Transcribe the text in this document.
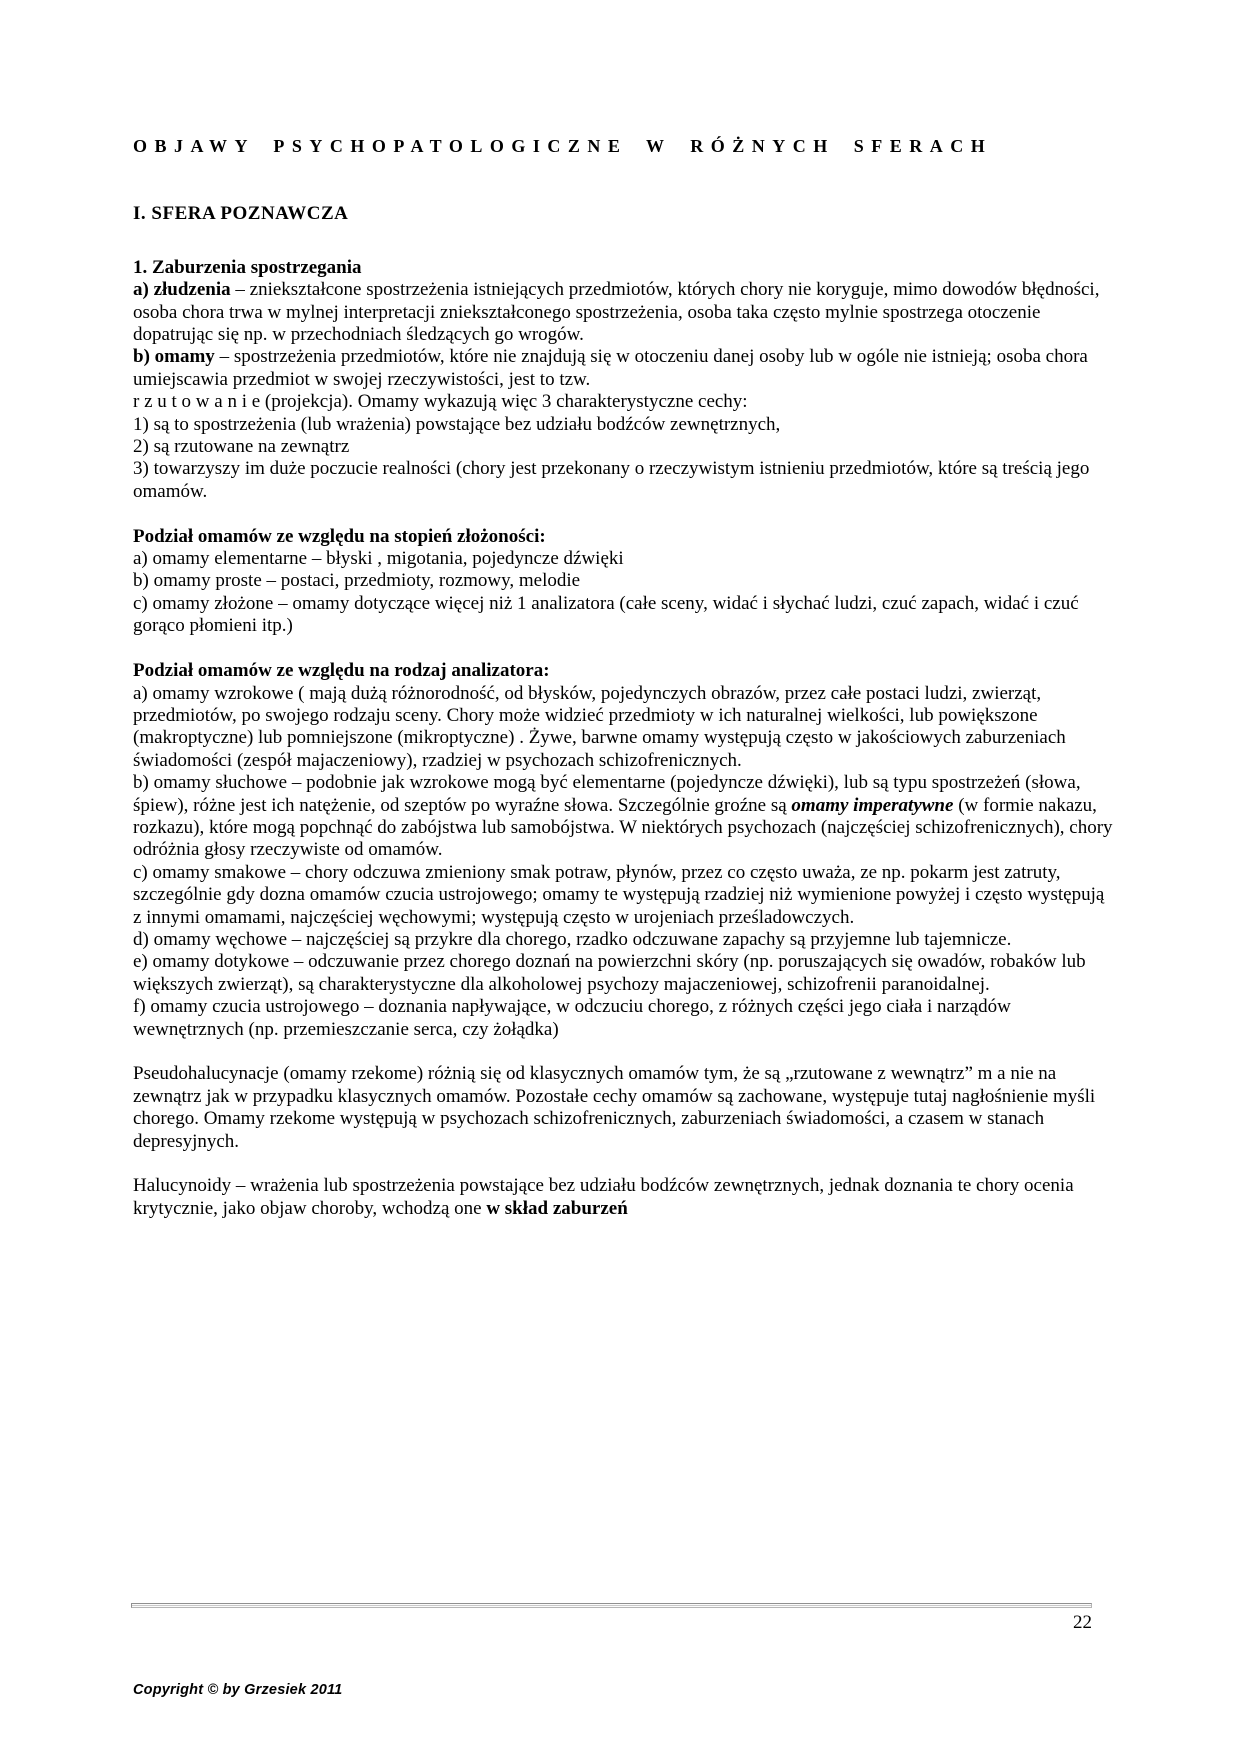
OBJAWY PSYCHOPATOLOGICZNE W RÓŻNYCH SFERACH
I. SFERA POZNAWCZA

1. Zaburzenia spostrzegania

a) złudzenia – zniekształcone spostrzeżenia istniejących przedmiotów, których chory nie koryguje, mimo dowodów błędności, osoba chora trwa w mylnej interpretacji zniekształconego spostrzeżenia, osoba taka często mylnie spostrzega otoczenie dopatrując się np. w przechodniach śledzących go wrogów.

b) omamy – spostrzeżenia przedmiotów, które nie znajdują się w otoczeniu danej osoby lub w ogóle nie istnieją; osoba chora umiejscawia przedmiot w swojej rzeczywistości, jest to tzw.

r z u t o w a n i e (projekcja). Omamy wykazują więc 3 charakterystyczne cechy:

1) są to spostrzeżenia (lub wrażenia) powstające bez udziału bodźców zewnętrznych,

2) są rzutowane na zewnątrz

3) towarzyszy im duże poczucie realności (chory jest przekonany o rzeczywistym istnieniu przedmiotów, które są treścią jego omamów.

Podział omamów ze względu na stopień złożoności:

a) omamy elementarne – błyski , migotania, pojedyncze dźwięki

b) omamy proste – postaci, przedmioty, rozmowy, melodie

c) omamy złożone – omamy dotyczące więcej niż 1 analizatora (całe sceny, widać i słychać ludzi, czuć zapach, widać i czuć gorąco płomieni itp.)

Podział omamów ze względu na rodzaj analizatora:

a) omamy wzrokowe ( mają dużą różnorodność, od błysków, pojedynczych obrazów, przez całe postaci ludzi, zwierząt, przedmiotów, po swojego rodzaju sceny. Chory może widzieć przedmioty w ich naturalnej wielkości, lub powiększone (makroptyczne) lub pomniejszone (mikroptyczne) . Żywe, barwne omamy występują często w jakościowych zaburzeniach świadomości (zespół majaczeniowy), rzadziej w psychozach schizofrenicznych.

b) omamy słuchowe – podobnie jak wzrokowe mogą być elementarne (pojedyncze dźwięki), lub są typu spostrzeżeń (słowa, śpiew), różne jest ich natężenie, od szeptów po wyraźne słowa. Szczególnie groźne są omamy imperatywne (w formie nakazu, rozkazu), które mogą popchnąć do zabójstwa lub samobójstwa. W niektórych psychozach (najczęściej schizofrenicznych), chory odróżnia głosy rzeczywiste od omamów.

c) omamy smakowe – chory odczuwa zmieniony smak potraw, płynów, przez co często uważa, ze np. pokarm jest zatruty, szczególnie gdy dozna omamów czucia ustrojowego; omamy te występują rzadziej niż wymienione powyżej i często występują z innymi omamami, najczęściej węchowymi; występują często w urojeniach prześladowczych.

d) omamy węchowe – najczęściej są przykre dla chorego, rzadko odczuwane zapachy są przyjemne lub tajemnicze.

e) omamy dotykowe – odczuwanie przez chorego doznań na powierzchni skóry (np. poruszających się owadów, robaków lub większych zwierząt), są charakterystyczne dla alkoholowej psychozy majaczeniowej, schizofrenii paranoidalnej.

f) omamy czucia ustrojowego – doznania napływające, w odczuciu chorego, z różnych części jego ciała i narządów wewnętrznych (np. przemieszczanie serca, czy żołądka)

Pseudohalucynacje (omamy rzekome) różnią się od klasycznych omamów tym, że są „rzutowane z wewnątrz” m a nie na zewnątrz jak w przypadku klasycznych omamów. Pozostałe cechy omamów są zachowane, występuje tutaj nagłośnienie myśli chorego. Omamy rzekome występują w psychozach schizofrenicznych, zaburzeniach świadomości, a czasem w stanach depresyjnych.

Halucynoidy – wrażenia lub spostrzeżenia powstające bez udziału bodźców zewnętrznych, jednak doznania te chory ocenia krytycznie, jako objaw choroby, wchodzą one w skład zaburzeń

22
Copyright © by Grzesiek 2011
